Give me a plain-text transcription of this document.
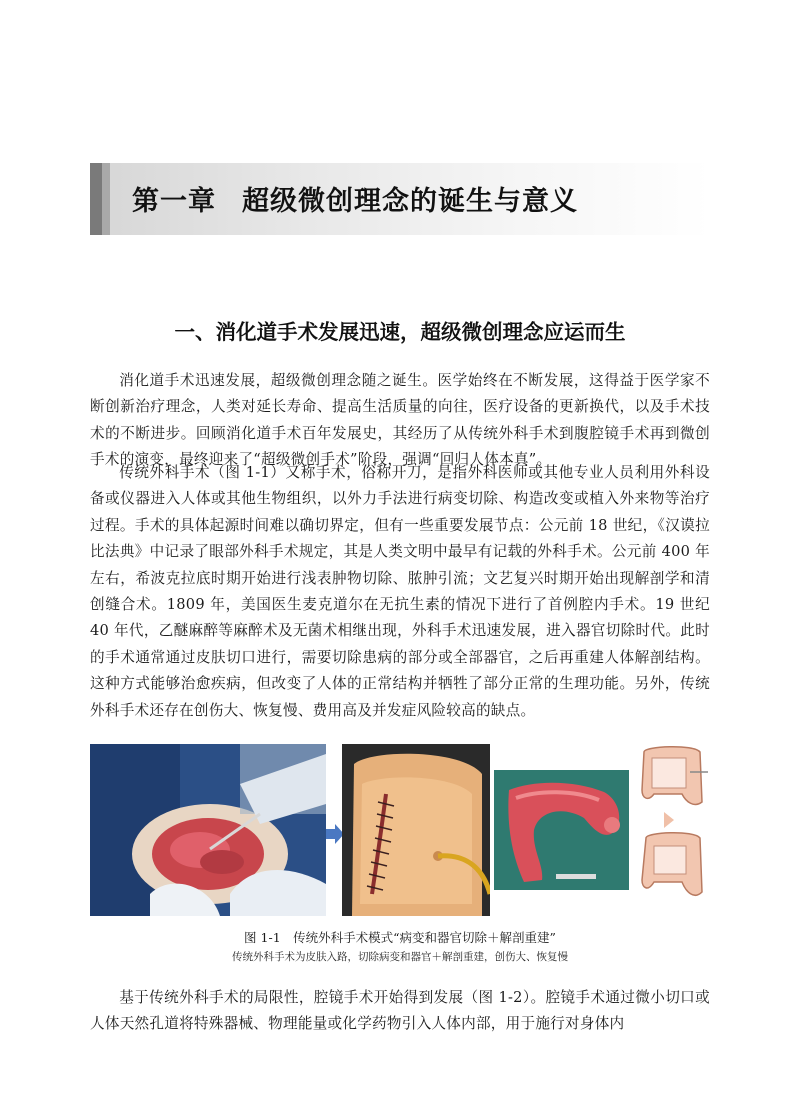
第一章 超级微创理念的诞生与意义
一、消化道手术发展迅速，超级微创理念应运而生

消化道手术迅速发展，超级微创理念随之诞生。医学始终在不断发展，这得益于医学家不断创新治疗理念，人类对延长寿命、提高生活质量的向往，医疗设备的更新换代，以及手术技术的不断进步。回顾消化道手术百年发展史，其经历了从传统外科手术到腹腔镜手术再到微创手术的演变，最终迎来了“超级微创手术”阶段，强调“回归人体本真”。

传统外科手术（图 1-1）又称手术，俗称开刀，是指外科医师或其他专业人员利用外科设备或仪器进入人体或其他生物组织，以外力手法进行病变切除、构造改变或植入外来物等治疗过程。手术的具体起源时间难以确切界定，但有一些重要发展节点：公元前 18 世纪，《汉谟拉比法典》中记录了眼部外科手术规定，其是人类文明中最早有记载的外科手术。公元前 400 年左右，希波克拉底时期开始进行浅表肿物切除、脓肿引流；文艺复兴时期开始出现解剖学和清创缝合术。1809 年，美国医生麦克道尔在无抗生素的情况下进行了首例腔内手术。19 世纪 40 年代，乙醚麻醉等麻醉术及无菌术相继出现，外科手术迅速发展，进入器官切除时代。此时的手术通常通过皮肤切口进行，需要切除患病的部分或全部器官，之后再重建人体解剖结构。这种方式能够治愈疾病，但改变了人体的正常结构并牺牲了部分正常的生理功能。另外，传统外科手术还存在创伤大、恢复慢、费用高及并发症风险较高的缺点。

图 1-1　传统外科手术模式“病变和器官切除＋解剖重建”
传统外科手术为皮肤入路，切除病变和器官＋解剖重建，创伤大、恢复慢

基于传统外科手术的局限性，腔镜手术开始得到发展（图 1-2）。腔镜手术通过微小切口或人体天然孔道将特殊器械、物理能量或化学药物引入人体内部，用于施行对身体内
